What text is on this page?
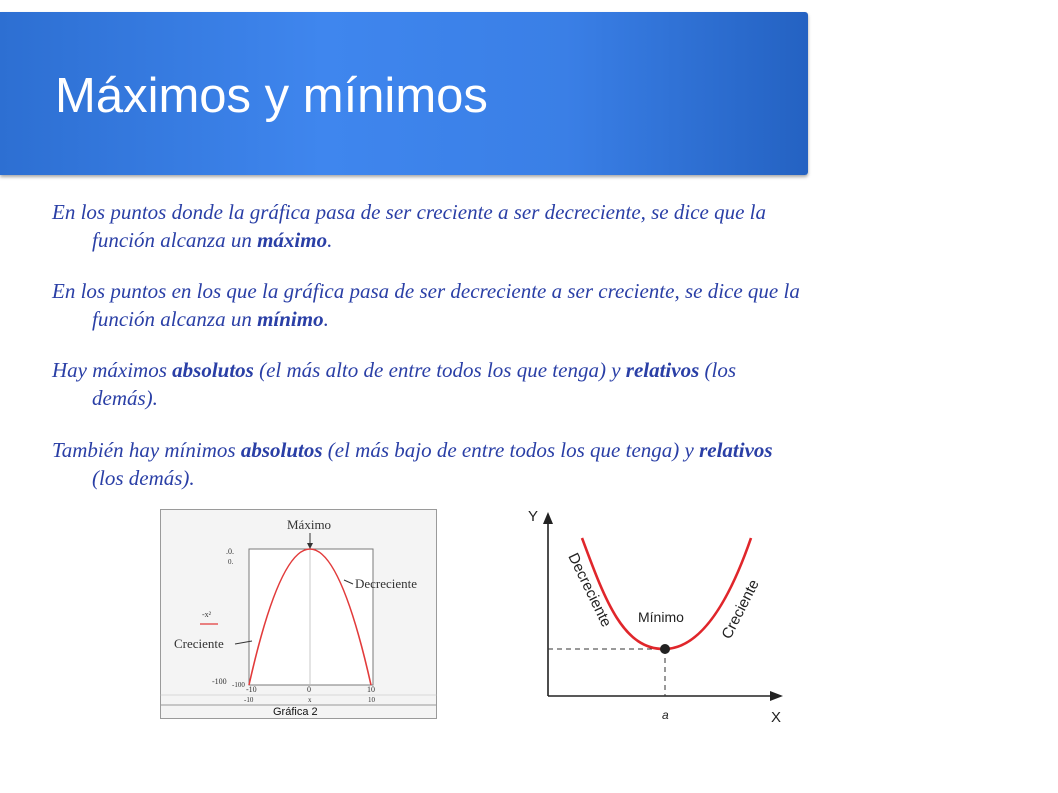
Máximos y mínimos

En los puntos donde la gráfica pasa de ser creciente a ser decreciente, se dice que la
función alcanza un máximo.

En los puntos en los que la gráfica pasa de ser decreciente a ser creciente, se dice que la
función alcanza un mínimo.

Hay máximos absolutos (el más alto de entre todos los que tenga) y relativos (los
demás).

También hay mínimos absolutos (el más bajo de entre todos los que tenga) y relativos
(los demás).

Máximo
Decreciente
Creciente
-x²
.0.
0.
-100 -100 -10	0	10
-10	x	10
Gráfica 2
Y
X
Mínimo
a
Decreciente	Creciente
